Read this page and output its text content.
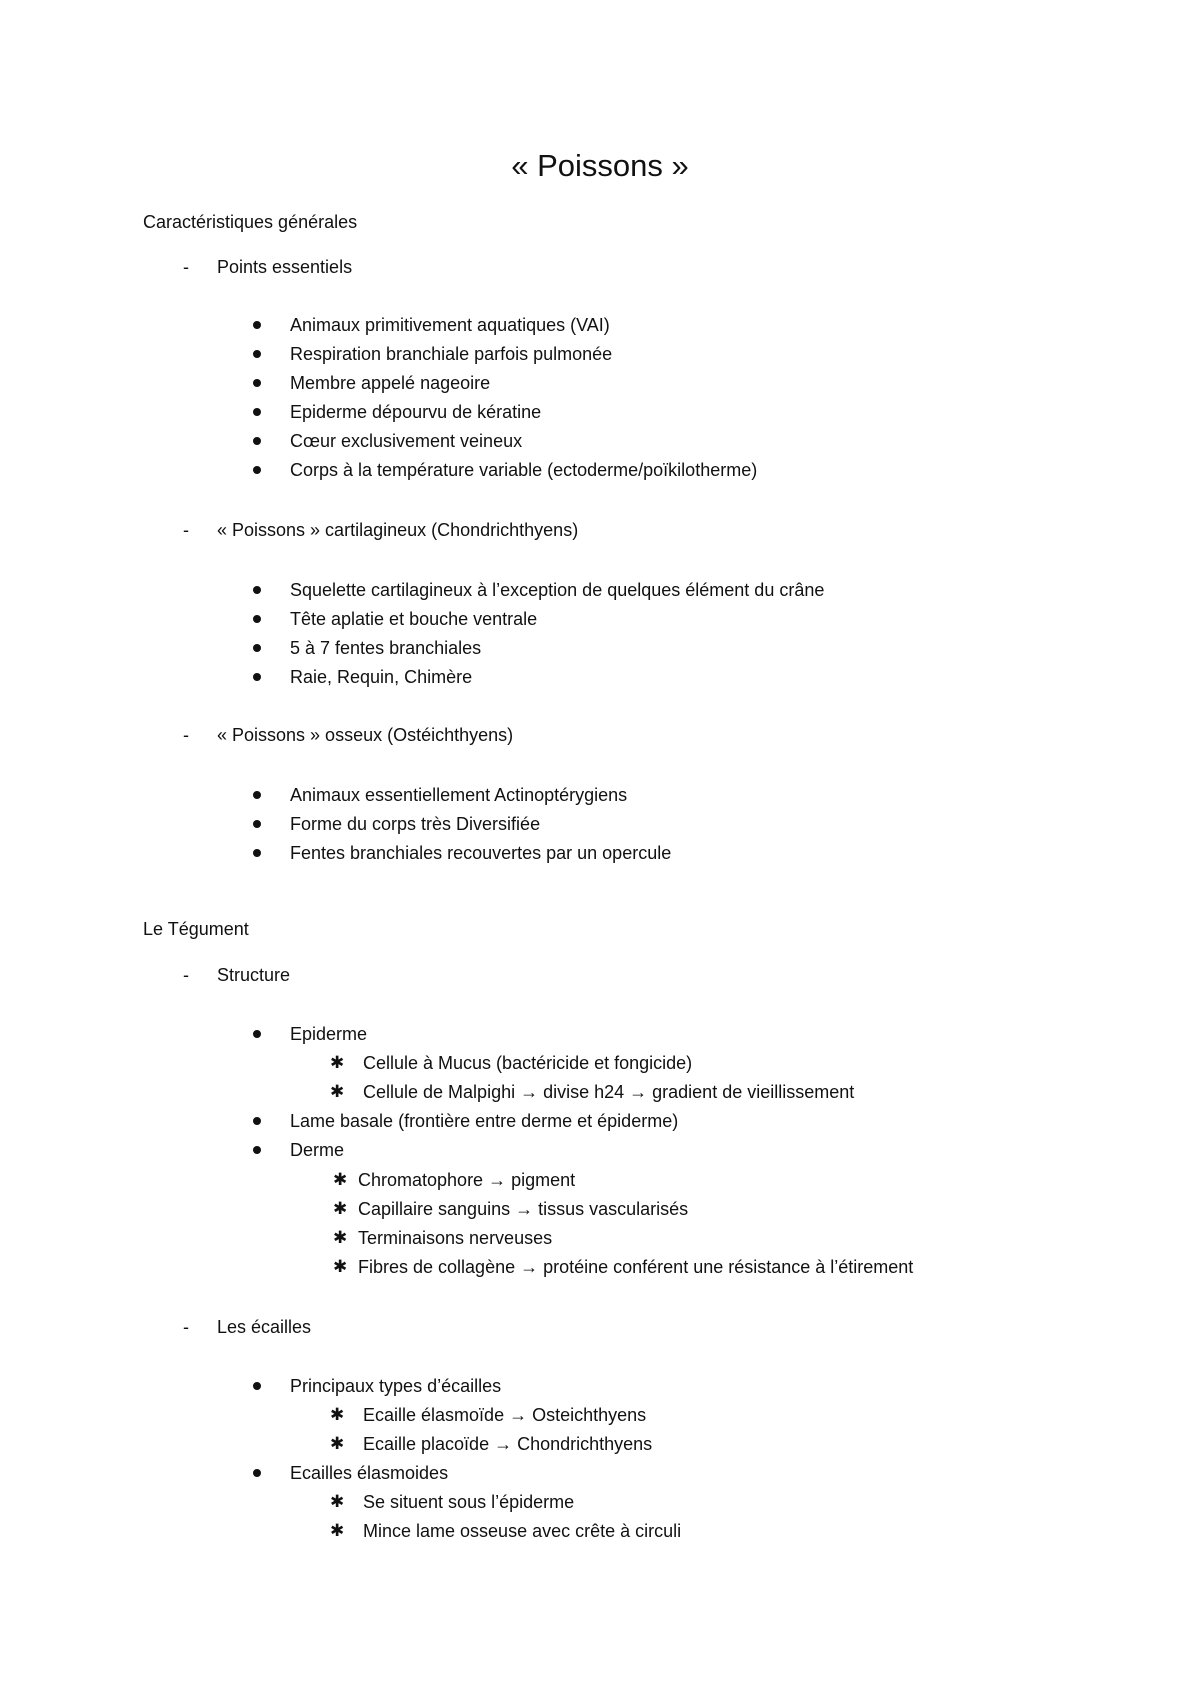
« Poissons »
Caractéristiques générales
- Points essentiels
Animaux primitivement aquatiques (VAI)
Respiration branchiale parfois pulmonée
Membre appelé nageoire
Epiderme dépourvu de kératine
Cœur exclusivement veineux
Corps à la température variable (ectoderme/poïkilotherme)
- « Poissons » cartilagineux (Chondrichthyens)
Squelette cartilagineux à l’exception de quelques élément du crâne
Tête aplatie et bouche ventrale
5 à 7 fentes branchiales
Raie, Requin, Chimère
- « Poissons » osseux (Ostéichthyens)
Animaux essentiellement Actinoptérygiens
Forme du corps très Diversifiée
Fentes branchiales recouvertes par un opercule
Le Tégument
- Structure
Epiderme
✱ Cellule à Mucus (bactéricide et fongicide)
✱ Cellule de Malpighi → divise h24 → gradient de vieillissement
Lame basale (frontière entre derme et épiderme)
Derme
✱ Chromatophore → pigment
✱ Capillaire sanguins → tissus vascularisés
✱ Terminaisons nerveuses
✱ Fibres de collagène → protéine conférent une résistance à l’étirement
- Les écailles
Principaux types d’écailles
✱ Ecaille élasmoïde → Osteichthyens
✱ Ecaille placoïde → Chondrichthyens
Ecailles élasmoides
✱ Se situent sous l’épiderme
✱ Mince lame osseuse avec crête à circuli
